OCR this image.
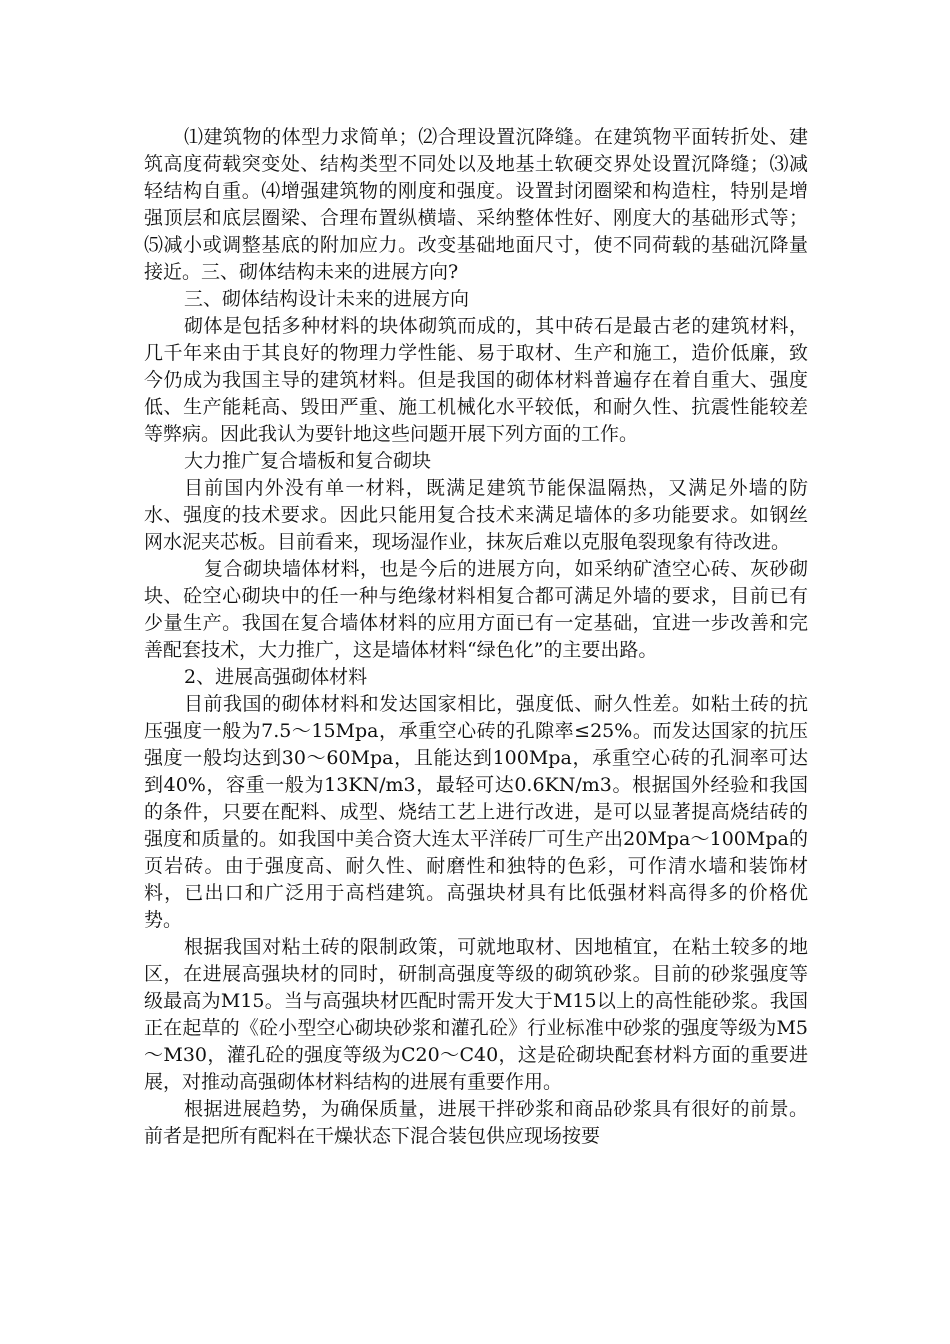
⑴建筑物的体型力求简单；⑵合理设置沉降缝。在建筑物平面转折处、建筑高度荷载突变处、结构类型不同处以及地基土软硬交界处设置沉降缝；⑶减轻结构自重。⑷增强建筑物的刚度和强度。设置封闭圈梁和构造柱，特别是增强顶层和底层圈梁、合理布置纵横墙、采纳整体性好、刚度大的基础形式等；⑸减小或调整基底的附加应力。改变基础地面尺寸，使不同荷载的基础沉降量接近。三、砌体结构未来的进展方向?

三、砌体结构设计未来的进展方向

砌体是包括多种材料的块体砌筑而成的，其中砖石是最古老的建筑材料，几千年来由于其良好的物理力学性能、易于取材、生产和施工，造价低廉，致今仍成为我国主导的建筑材料。但是我国的砌体材料普遍存在着自重大、强度低、生产能耗高、毁田严重、施工机械化水平较低，和耐久性、抗震性能较差等弊病。因此我认为要针地这些问题开展下列方面的工作。

大力推广复合墙板和复合砌块

目前国内外没有单一材料，既满足建筑节能保温隔热，又满足外墙的防水、强度的技术要求。因此只能用复合技术来满足墙体的多功能要求。如钢丝网水泥夹芯板。目前看来，现场湿作业，抹灰后难以克服龟裂现象有待改进。

复合砌块墙体材料，也是今后的进展方向，如采纳矿渣空心砖、灰砂砌块、砼空心砌块中的任一种与绝缘材料相复合都可满足外墙的要求，目前已有少量生产。我国在复合墙体材料的应用方面已有一定基础，宜进一步改善和完善配套技术，大力推广，这是墙体材料“绿色化”的主要出路。

2、进展高强砌体材料

目前我国的砌体材料和发达国家相比，强度低、耐久性差。如粘土砖的抗压强度一般为7.5～15Mpa，承重空心砖的孔隙率≤25%。而发达国家的抗压强度一般均达到30～60Mpa，且能达到100Mpa，承重空心砖的孔洞率可达到40%，容重一般为13KN/m3，最轻可达0.6KN/m3。根据国外经验和我国的条件，只要在配料、成型、烧结工艺上进行改进，是可以显著提高烧结砖的强度和质量的。如我国中美合资大连太平洋砖厂可生产出20Mpa～100Mpa的页岩砖。由于强度高、耐久性、耐磨性和独特的色彩，可作清水墙和装饰材料，已出口和广泛用于高档建筑。高强块材具有比低强材料高得多的价格优势。

根据我国对粘土砖的限制政策，可就地取材、因地植宜，在粘土较多的地区，在进展高强块材的同时，研制高强度等级的砌筑砂浆。目前的砂浆强度等级最高为M15。当与高强块材匹配时需开发大于M15以上的高性能砂浆。我国正在起草的《砼小型空心砌块砂浆和灌孔砼》行业标准中砂浆的强度等级为M5～M30，灌孔砼的强度等级为C20～C40，这是砼砌块配套材料方面的重要进展，对推动高强砌体材料结构的进展有重要作用。

根据进展趋势，为确保质量，进展干拌砂浆和商品砂浆具有很好的前景。前者是把所有配料在干燥状态下混合装包供应现场按要
